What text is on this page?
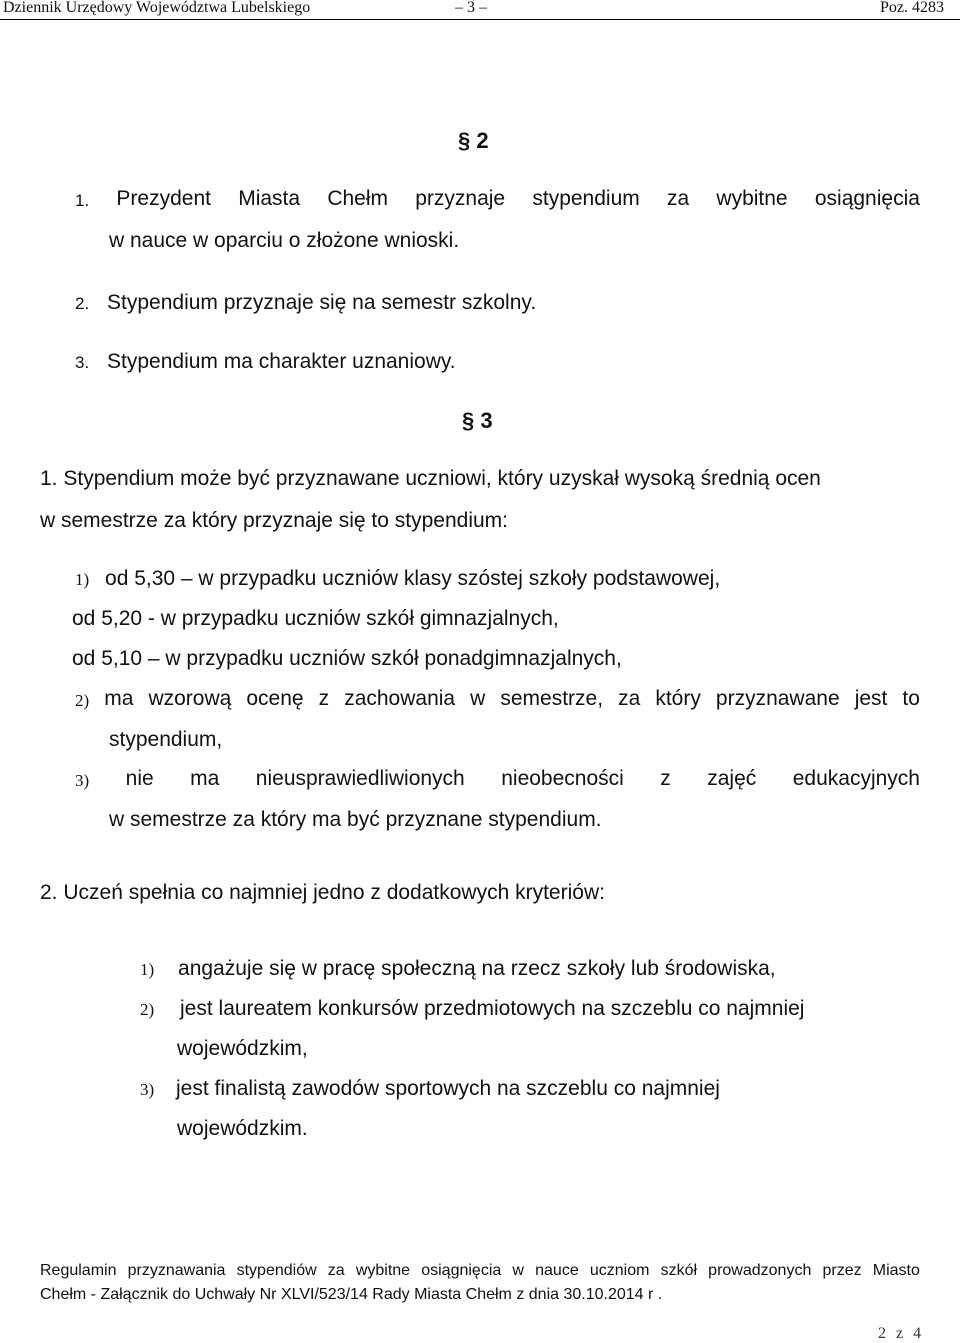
Dziennik Urzędowy Województwa Lubelskiego	– 3 –	Poz. 4283
§ 2
1. Prezydent Miasta Chełm przyznaje stypendium za wybitne osiągnięcia
w nauce w oparciu o złożone wnioski.
2. Stypendium przyznaje się na semestr szkolny.
3. Stypendium ma charakter uznaniowy.
§ 3
1. Stypendium może być przyznawane uczniowi, który uzyskał wysoką średnią ocen
w semestrze za który przyznaje się to stypendium:
1) od 5,30 – w przypadku uczniów klasy szóstej szkoły podstawowej,
od 5,20 - w przypadku uczniów szkół gimnazjalnych,
od 5,10 – w przypadku uczniów szkół ponadgimnazjalnych,
2) ma wzorową ocenę z zachowania w semestrze, za który przyznawane jest to
stypendium,
3) nie ma nieusprawiedliwionych nieobecności z zajęć edukacyjnych
w semestrze za który ma być przyznane stypendium.
2. Uczeń spełnia co najmniej jedno z dodatkowych kryteriów:
1) angażuje się w pracę społeczną na rzecz szkoły lub środowiska,
2) jest laureatem konkursów przedmiotowych na szczeblu co najmniej
wojewódzkim,
3) jest finalistą zawodów sportowych na szczeblu co najmniej
wojewódzkim.
Regulamin przyznawania stypendiów za wybitne osiągnięcia w nauce uczniom szkół prowadzonych przez Miasto
Chełm - Załącznik do Uchwały Nr XLVI/523/14 Rady Miasta Chełm z dnia 30.10.2014 r .
2 z 4
